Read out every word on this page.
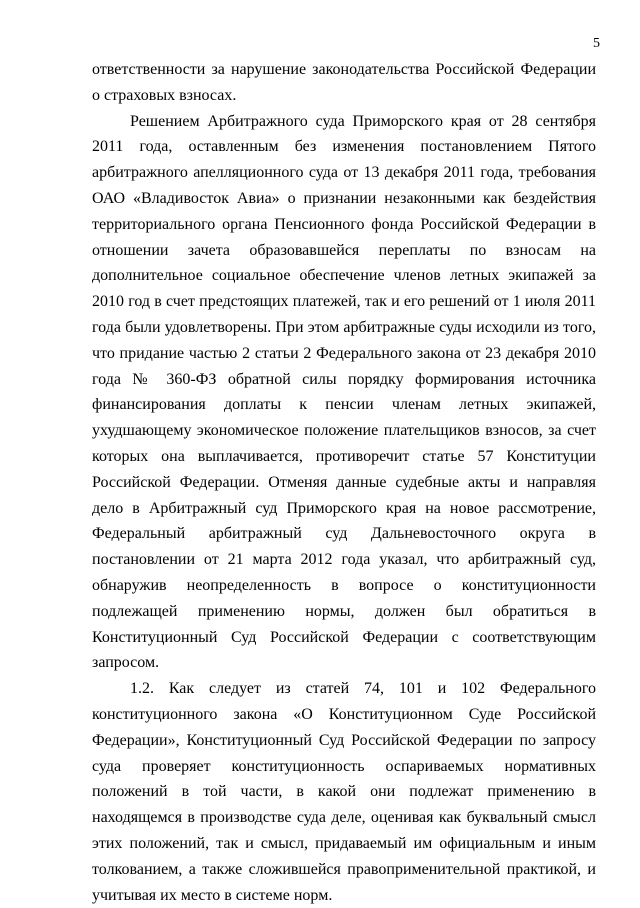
5

ответственности за нарушение законодательства Российской Федерации о страховых взносах.

Решением Арбитражного суда Приморского края от 28 сентября 2011 года, оставленным без изменения постановлением Пятого арбитражного апелляционного суда от 13 декабря 2011 года, требования ОАО «Владивосток Авиа» о признании незаконными как бездействия территориального органа Пенсионного фонда Российской Федерации в отношении зачета образовавшейся переплаты по взносам на дополнительное социальное обеспечение членов летных экипажей за 2010 год в счет предстоящих платежей, так и его решений от 1 июля 2011 года были удовлетворены. При этом арбитражные суды исходили из того, что придание частью 2 статьи 2 Федерального закона от 23 декабря 2010 года № 360-ФЗ обратной силы порядку формирования источника финансирования доплаты к пенсии членам летных экипажей, ухудшающему экономическое положение плательщиков взносов, за счет которых она выплачивается, противоречит статье 57 Конституции Российской Федерации. Отменяя данные судебные акты и направляя дело в Арбитражный суд Приморского края на новое рассмотрение, Федеральный арбитражный суд Дальневосточного округа в постановлении от 21 марта 2012 года указал, что арбитражный суд, обнаружив неопределенность в вопросе о конституционности подлежащей применению нормы, должен был обратиться в Конституционный Суд Российской Федерации с соответствующим запросом.

1.2. Как следует из статей 74, 101 и 102 Федерального конституционного закона «О Конституционном Суде Российской Федерации», Конституционный Суд Российской Федерации по запросу суда проверяет конституционность оспариваемых нормативных положений в той части, в какой они подлежат применению в находящемся в производстве суда деле, оценивая как буквальный смысл этих положений, так и смысл, придаваемый им официальным и иным толкованием, а также сложившейся правоприменительной практикой, и учитывая их место в системе норм.
